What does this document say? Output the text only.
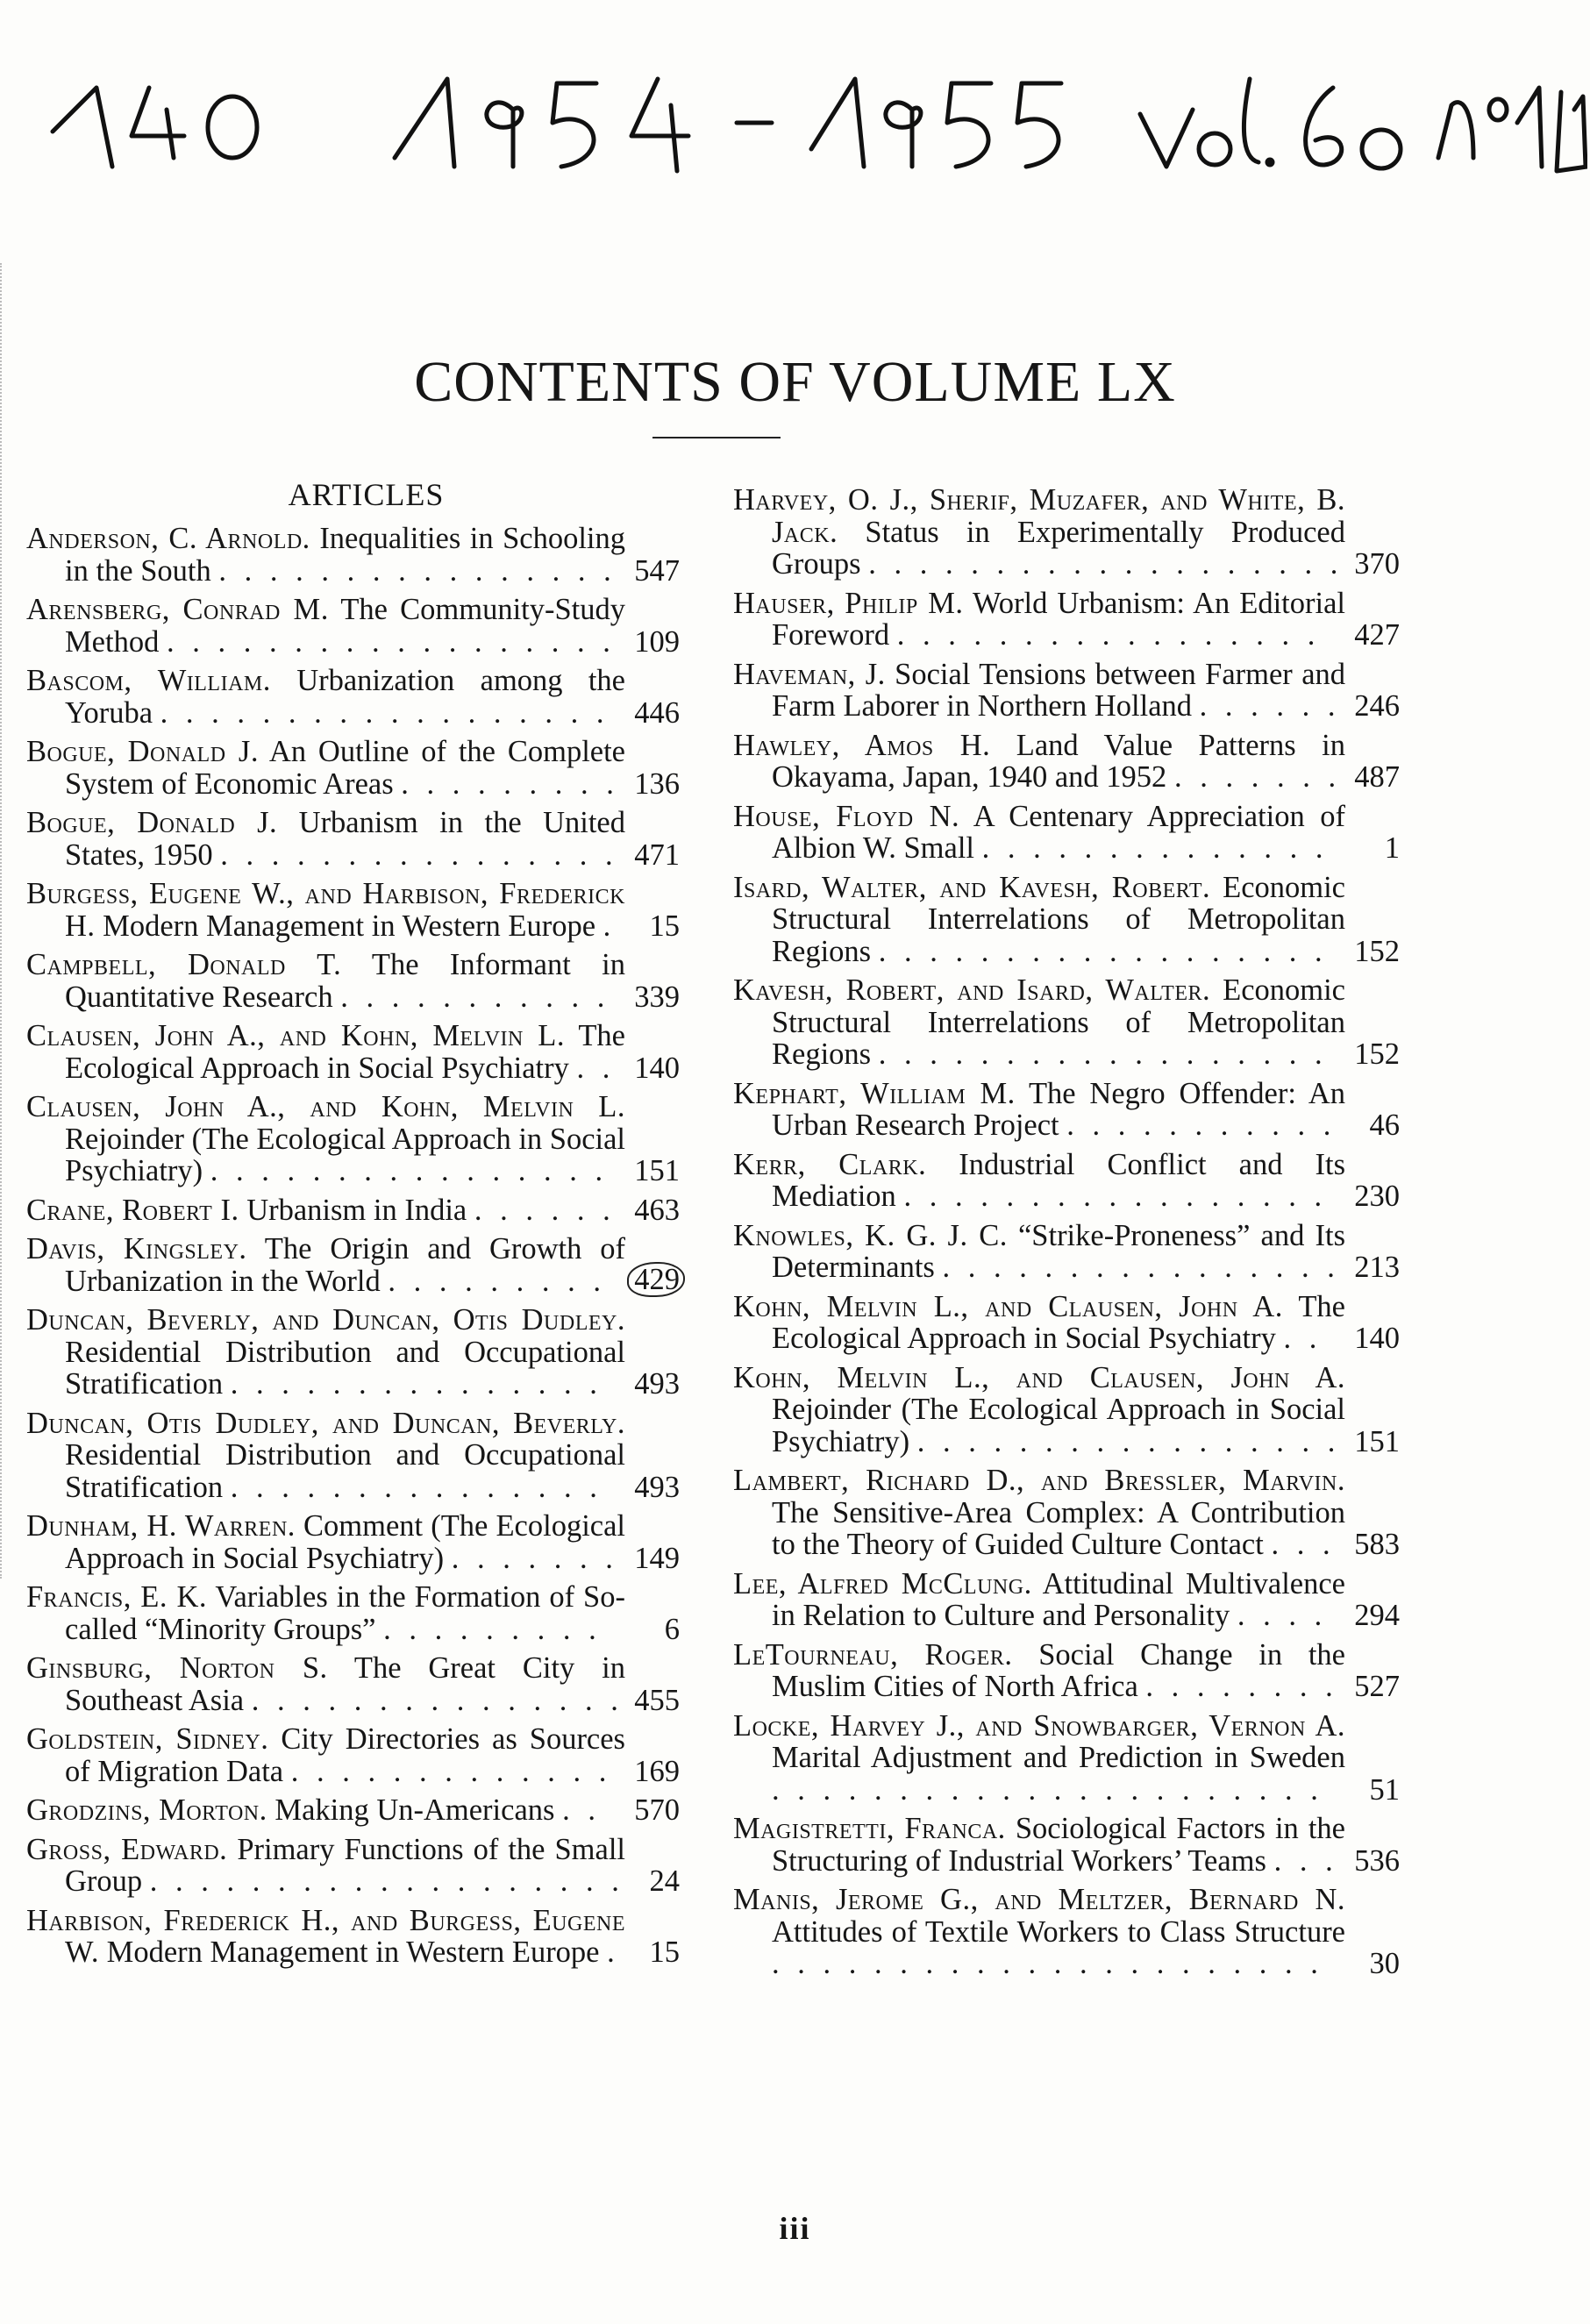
CONTENTS OF VOLUME LX
ARTICLES
Anderson, C. Arnold. Inequalities in Schooling in the South . . . . . . . . . . . . . . . . 547
Arensberg, Conrad M. The Community-Study Method . . . . . . . . . . . . . . . . . . 109
Bascom, William. Urbanization among the Yoruba . . . . . . . . . . . . . . . . . . 446
Bogue, Donald J. An Outline of the Complete System of Economic Areas . . . . . . . . . 136
Bogue, Donald J. Urbanism in the United States, 1950 . . . . . . . . . . . . . . . . 471
Burgess, Eugene W., and Harbison, Frederick H. Modern Management in Western Europe . 15
Campbell, Donald T. The Informant in Quantitative Research . . . . . . . . . . . 339
Clausen, John A., and Kohn, Melvin L. The Ecological Approach in Social Psychiatry . . 140
Clausen, John A., and Kohn, Melvin L. Rejoinder (The Ecological Approach in Social Psychiatry) . . . . . . . . . . . . . . . . 151
Crane, Robert I. Urbanism in India . . . . . . 463
Davis, Kingsley. The Origin and Growth of Urbanization in the World . . . . . . . . . 429
Duncan, Beverly, and Duncan, Otis Dudley. Residential Distribution and Occupational Stratification . . . . . . . . . . . . . . . 493
Duncan, Otis Dudley, and Duncan, Beverly. Residential Distribution and Occupational Stratification . . . . . . . . . . . . . . . 493
Dunham, H. Warren. Comment (The Ecological Approach in Social Psychiatry) . . . . . . . 149
Francis, E. K. Variables in the Formation of So-called “Minority Groups” . . . . . . . . . 6
Ginsburg, Norton S. The Great City in Southeast Asia . . . . . . . . . . . . . . . 455
Goldstein, Sidney. City Directories as Sources of Migration Data . . . . . . . . . . . . . 169
Grodzins, Morton. Making Un-Americans . . 570
Gross, Edward. Primary Functions of the Small Group . . . . . . . . . . . . . . . . . . . 24
Harbison, Frederick H., and Burgess, Eugene W. Modern Management in Western Europe . 15
Harvey, O. J., Sherif, Muzafer, and White, B. Jack. Status in Experimentally Produced Groups . . . . . . . . . . . . . . . . . . . 370
Hauser, Philip M. World Urbanism: An Editorial Foreword . . . . . . . . . . . . . . . . . 427
Haveman, J. Social Tensions between Farmer and Farm Laborer in Northern Holland . . . . . . 246
Hawley, Amos H. Land Value Patterns in Okayama, Japan, 1940 and 1952 . . . . . . . 487
House, Floyd N. A Centenary Appreciation of Albion W. Small . . . . . . . . . . . . . . 1
Isard, Walter, and Kavesh, Robert. Economic Structural Interrelations of Metropolitan Regions . . . . . . . . . . . . . . . . . . 152
Kavesh, Robert, and Isard, Walter. Economic Structural Interrelations of Metropolitan Regions . . . . . . . . . . . . . . . . . . 152
Kephart, William M. The Negro Offender: An Urban Research Project . . . . . . . . . . . 46
Kerr, Clark. Industrial Conflict and Its Mediation . . . . . . . . . . . . . . . . . 230
Knowles, K. G. J. C. “Strike-Proneness” and Its Determinants . . . . . . . . . . . . . . . . 213
Kohn, Melvin L., and Clausen, John A. The Ecological Approach in Social Psychiatry . . 140
Kohn, Melvin L., and Clausen, John A. Rejoinder (The Ecological Approach in Social Psychiatry) . . . . . . . . . . . . . . . . . 151
Lambert, Richard D., and Bressler, Marvin. The Sensitive-Area Complex: A Contribution to the Theory of Guided Culture Contact . . . 583
Lee, Alfred McClung. Attitudinal Multivalence in Relation to Culture and Personality . . . . 294
LeTourneau, Roger. Social Change in the Muslim Cities of North Africa . . . . . . . . 527
Locke, Harvey J., and Snowbarger, Vernon A. Marital Adjustment and Prediction in Sweden . . . . . . . . . . . . . . . . . . . . . . 51
Magistretti, Franca. Sociological Factors in the Structuring of Industrial Workers’ Teams . . . 536
Manis, Jerome G., and Meltzer, Bernard N. Attitudes of Textile Workers to Class Structure . . . . . . . . . . . . . . . . . . . . . . 30
iii
